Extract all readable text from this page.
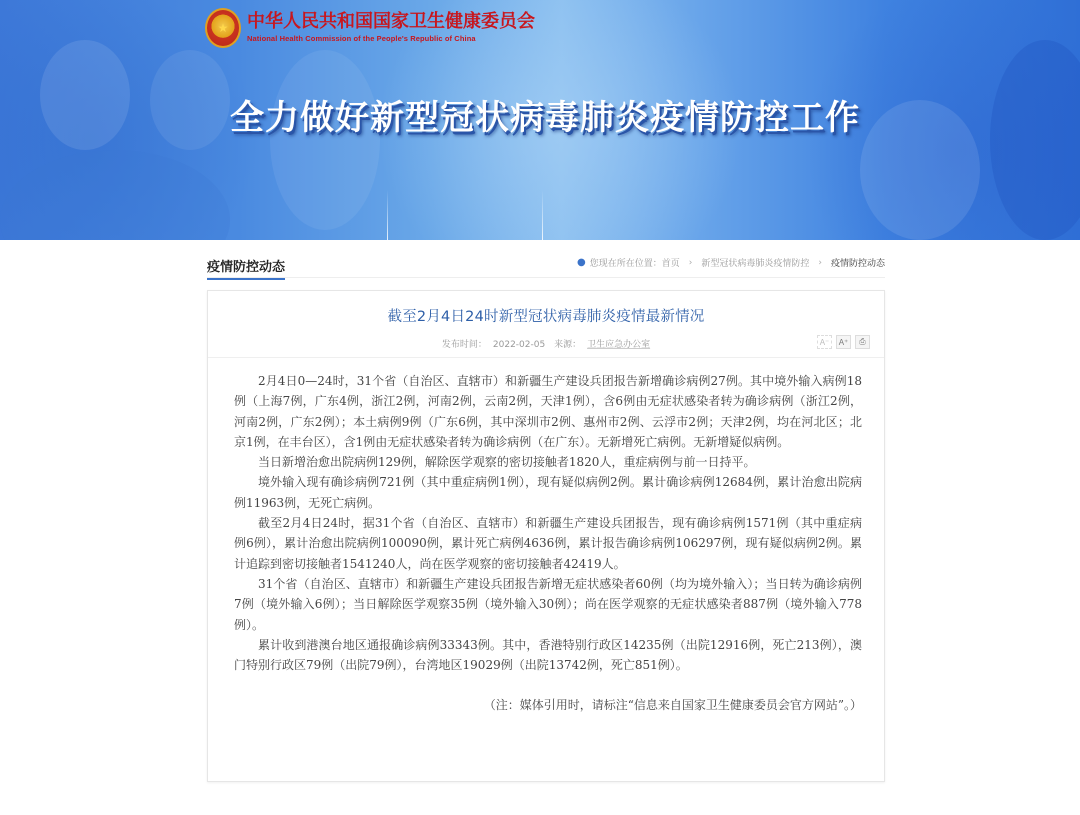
★	中华人民共和国国家卫生健康委员会
National Health Commission of the People's Republic of China
全力做好新型冠状病毒肺炎疫情防控工作
疫情防控动态	● 您现在所在位置： 首页 › 新型冠状病毒肺炎疫情防控 › 疫情防控动态
截至2月4日24时新型冠状病毒肺炎疫情最新情况
发布时间： 2022-02-05 来源： 卫生应急办公室	A⁻	A⁺	⎙

2月4日0—24时，31个省（自治区、直辖市）和新疆生产建设兵团报告新增确诊病例27例。其中境外输入病例18例（上海7例，广东4例，浙江2例，河南2例，云南2例，天津1例），含6例由无症状感染者转为确诊病例（浙江2例，河南2例，广东2例）；本土病例9例（广东6例，其中深圳市2例、惠州市2例、云浮市2例；天津2例，均在河北区；北京1例，在丰台区），含1例由无症状感染者转为确诊病例（在广东）。无新增死亡病例。无新增疑似病例。

当日新增治愈出院病例129例，解除医学观察的密切接触者1820人，重症病例与前一日持平。

境外输入现有确诊病例721例（其中重症病例1例），现有疑似病例2例。累计确诊病例12684例，累计治愈出院病例11963例，无死亡病例。

截至2月4日24时，据31个省（自治区、直辖市）和新疆生产建设兵团报告，现有确诊病例1571例（其中重症病例6例），累计治愈出院病例100090例，累计死亡病例4636例，累计报告确诊病例106297例，现有疑似病例2例。累计追踪到密切接触者1541240人，尚在医学观察的密切接触者42419人。

31个省（自治区、直辖市）和新疆生产建设兵团报告新增无症状感染者60例（均为境外输入）；当日转为确诊病例7例（境外输入6例）；当日解除医学观察35例（境外输入30例）；尚在医学观察的无症状感染者887例（境外输入778例）。

累计收到港澳台地区通报确诊病例33343例。其中，香港特别行政区14235例（出院12916例，死亡213例），澳门特别行政区79例（出院79例），台湾地区19029例（出院13742例，死亡851例）。

（注：媒体引用时，请标注“信息来自国家卫生健康委员会官方网站”。）
